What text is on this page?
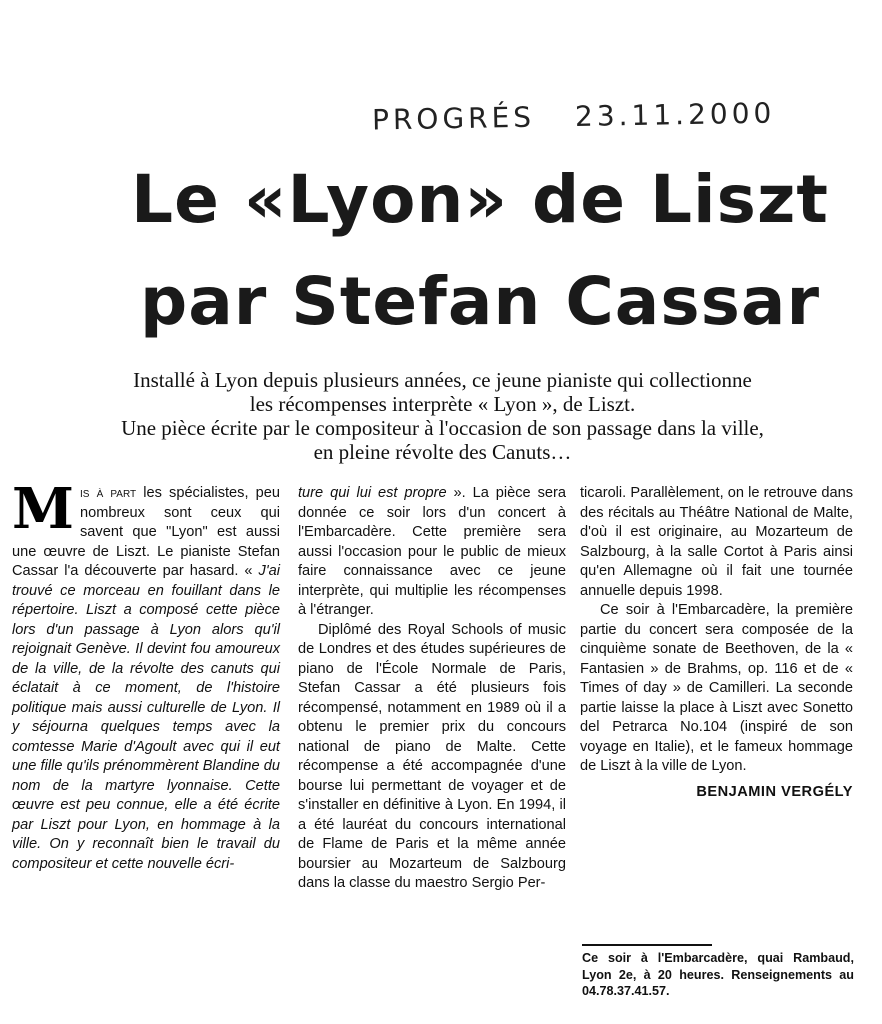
PROGRÉS 23.11.2000
Le «Lyon» de Liszt
par Stefan Cassar

Installé à Lyon depuis plusieurs années, ce jeune pianiste qui collectionne

les récompenses interprète « Lyon », de Liszt.

Une pièce écrite par le compositeur à l'occasion de son passage dans la ville,

en pleine révolte des Canuts…

Mis à part les spécialistes, peu nombreux sont ceux qui savent que "Lyon" est aussi une œuvre de Liszt. Le pianiste Stefan Cassar l'a découverte par hasard. « J'ai trouvé ce morceau en fouillant dans le répertoire. Liszt a composé cette pièce lors d'un passage à Lyon alors qu'il rejoignait Genève. Il devint fou amoureux de la ville, de la révolte des canuts qui éclatait à ce moment, de l'histoire politique mais aussi culturelle de Lyon. Il y séjourna quelques temps avec la comtesse Marie d'Agoult avec qui il eut une fille qu'ils prénommèrent Blandine du nom de la martyre lyonnaise. Cette œuvre est peu connue, elle a été écrite par Liszt pour Lyon, en hommage à la ville. On y reconnaît bien le travail du compositeur et cette nouvelle écri-

ture qui lui est propre ». La pièce sera donnée ce soir lors d'un concert à l'Embarcadère. Cette première sera aussi l'occasion pour le public de mieux faire connaissance avec ce jeune interprète, qui multiplie les récompenses à l'étranger.

Diplômé des Royal Schools of music de Londres et des études supérieures de piano de l'École Normale de Paris, Stefan Cassar a été plusieurs fois récompensé, notamment en 1989 où il a obtenu le premier prix du concours national de piano de Malte. Cette récompense a été accompagnée d'une bourse lui permettant de voyager et de s'installer en définitive à Lyon. En 1994, il a été lauréat du concours international de Flame de Paris et la même année boursier au Mozarteum de Salzbourg dans la classe du maestro Sergio Per-

ticaroli. Parallèlement, on le retrouve dans des récitals au Théâtre National de Malte, d'où il est originaire, au Mozarteum de Salzbourg, à la salle Cortot à Paris ainsi qu'en Allemagne où il fait une tournée annuelle depuis 1998.

Ce soir à l'Embarcadère, la première partie du concert sera composée de la cinquième sonate de Beethoven, de la « Fantasien » de Brahms, op. 116 et de « Times of day » de Camilleri. La seconde partie laisse la place à Liszt avec Sonetto del Petrarca No.104 (inspiré de son voyage en Italie), et le fameux hommage de Liszt à la ville de Lyon.

BENJAMIN VERGÉLY

Ce soir à l'Embarcadère, quai Rambaud, Lyon 2e, à 20 heures. Renseignements au 04.78.37.41.57.
